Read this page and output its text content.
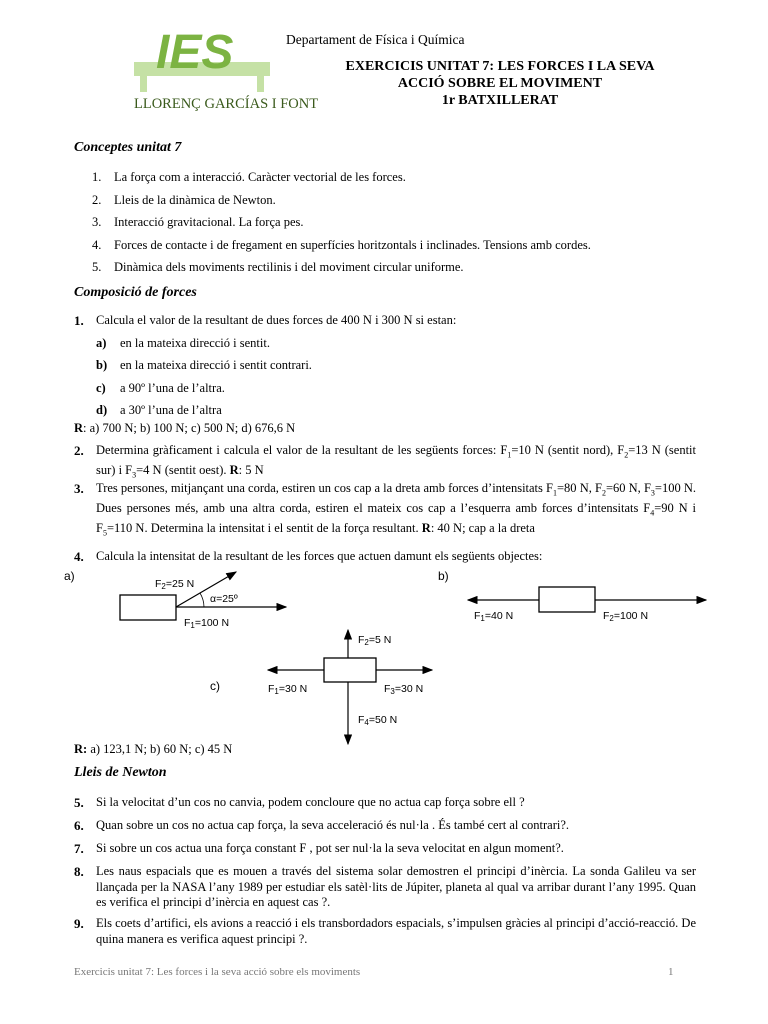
IES
LLORENÇ GARCÍAS I FONT
Departament de Física i Química
EXERCICIS UNITAT 7: LES FORCES I LA SEVA
ACCIÓ SOBRE EL MOVIMENT
1r BATXILLERAT
Conceptes unitat 7
1.	La força com a interacció. Caràcter vectorial de les forces.
2.	Lleis de la dinàmica de Newton.
3.	Interacció gravitacional. La força pes.
4.	Forces de contacte i de fregament en superfícies horitzontals i inclinades. Tensions amb cordes.
5.	Dinàmica dels moviments rectilinis i del moviment circular uniforme.
Composició de forces
1. Calcula el valor de la resultant de dues forces de 400 N i 300 N si estan:
a)	en la mateixa direcció i sentit.
b)	en la mateixa direcció i sentit contrari.
c)	a 90º l’una de l’altra.
d)	a 30º l’una de l’altra
R: a) 700 N; b) 100 N; c) 500 N; d) 676,6 N
2. Determina gràficament i calcula el valor de la resultant de les següents forces: $F_1=10$ N (sentit nord), $F_2=13$ N (sentit sur) i $F_3=4$ N (sentit oest). R: 5 N
3. Tres persones, mitjançant una corda, estiren un cos cap a la dreta amb forces d’intensitats $F_1=80$ N, $F_2=60$ N, $F_3=100$ N. Dues persones més, amb una altra corda, estiren el mateix cos cap a l’esquerra amb forces d’intensitats $F_4=90$ N i $F_5=110$ N. Determina la intensitat i el sentit de la força resultant. R: 40 N; cap a la dreta
4. Calcula la intensitat de la resultant de les forces que actuen damunt els següents objectes:
a)
F2=25 N
α=25º
F1=100 N
b)
F1=40 N	F2=100 N
c)
F2=5 N
F1=30 N	F3=30 N
F4=50 N
R: a) 123,1 N; b) 60 N; c) 45 N
Lleis de Newton
5. Si la velocitat d’un cos no canvia, podem concloure que no actua cap força sobre ell ?
6. Quan sobre un cos no actua cap força, la seva acceleració és nul·la . És també cert al contrari?.
7. Si sobre un cos actua una força constant F , pot ser nul·la la seva velocitat en algun moment?.
8. Les naus espacials que es mouen a través del sistema solar demostren el principi d’inèrcia. La sonda Galileu va ser llançada per la NASA l’any 1989 per estudiar els satèl·lits de Júpiter, planeta al qual va arribar durant l’any 1995. Quan es verifica el principi d’inèrcia en aquest cas ?.
9. Els coets d’artifici, els avions a reacció i els transbordadors espacials, s’impulsen gràcies al principi d’acció-reacció. De quina manera es verifica aquest principi ?.
Exercicis unitat 7: Les forces i la seva acció sobre els moviments	1
